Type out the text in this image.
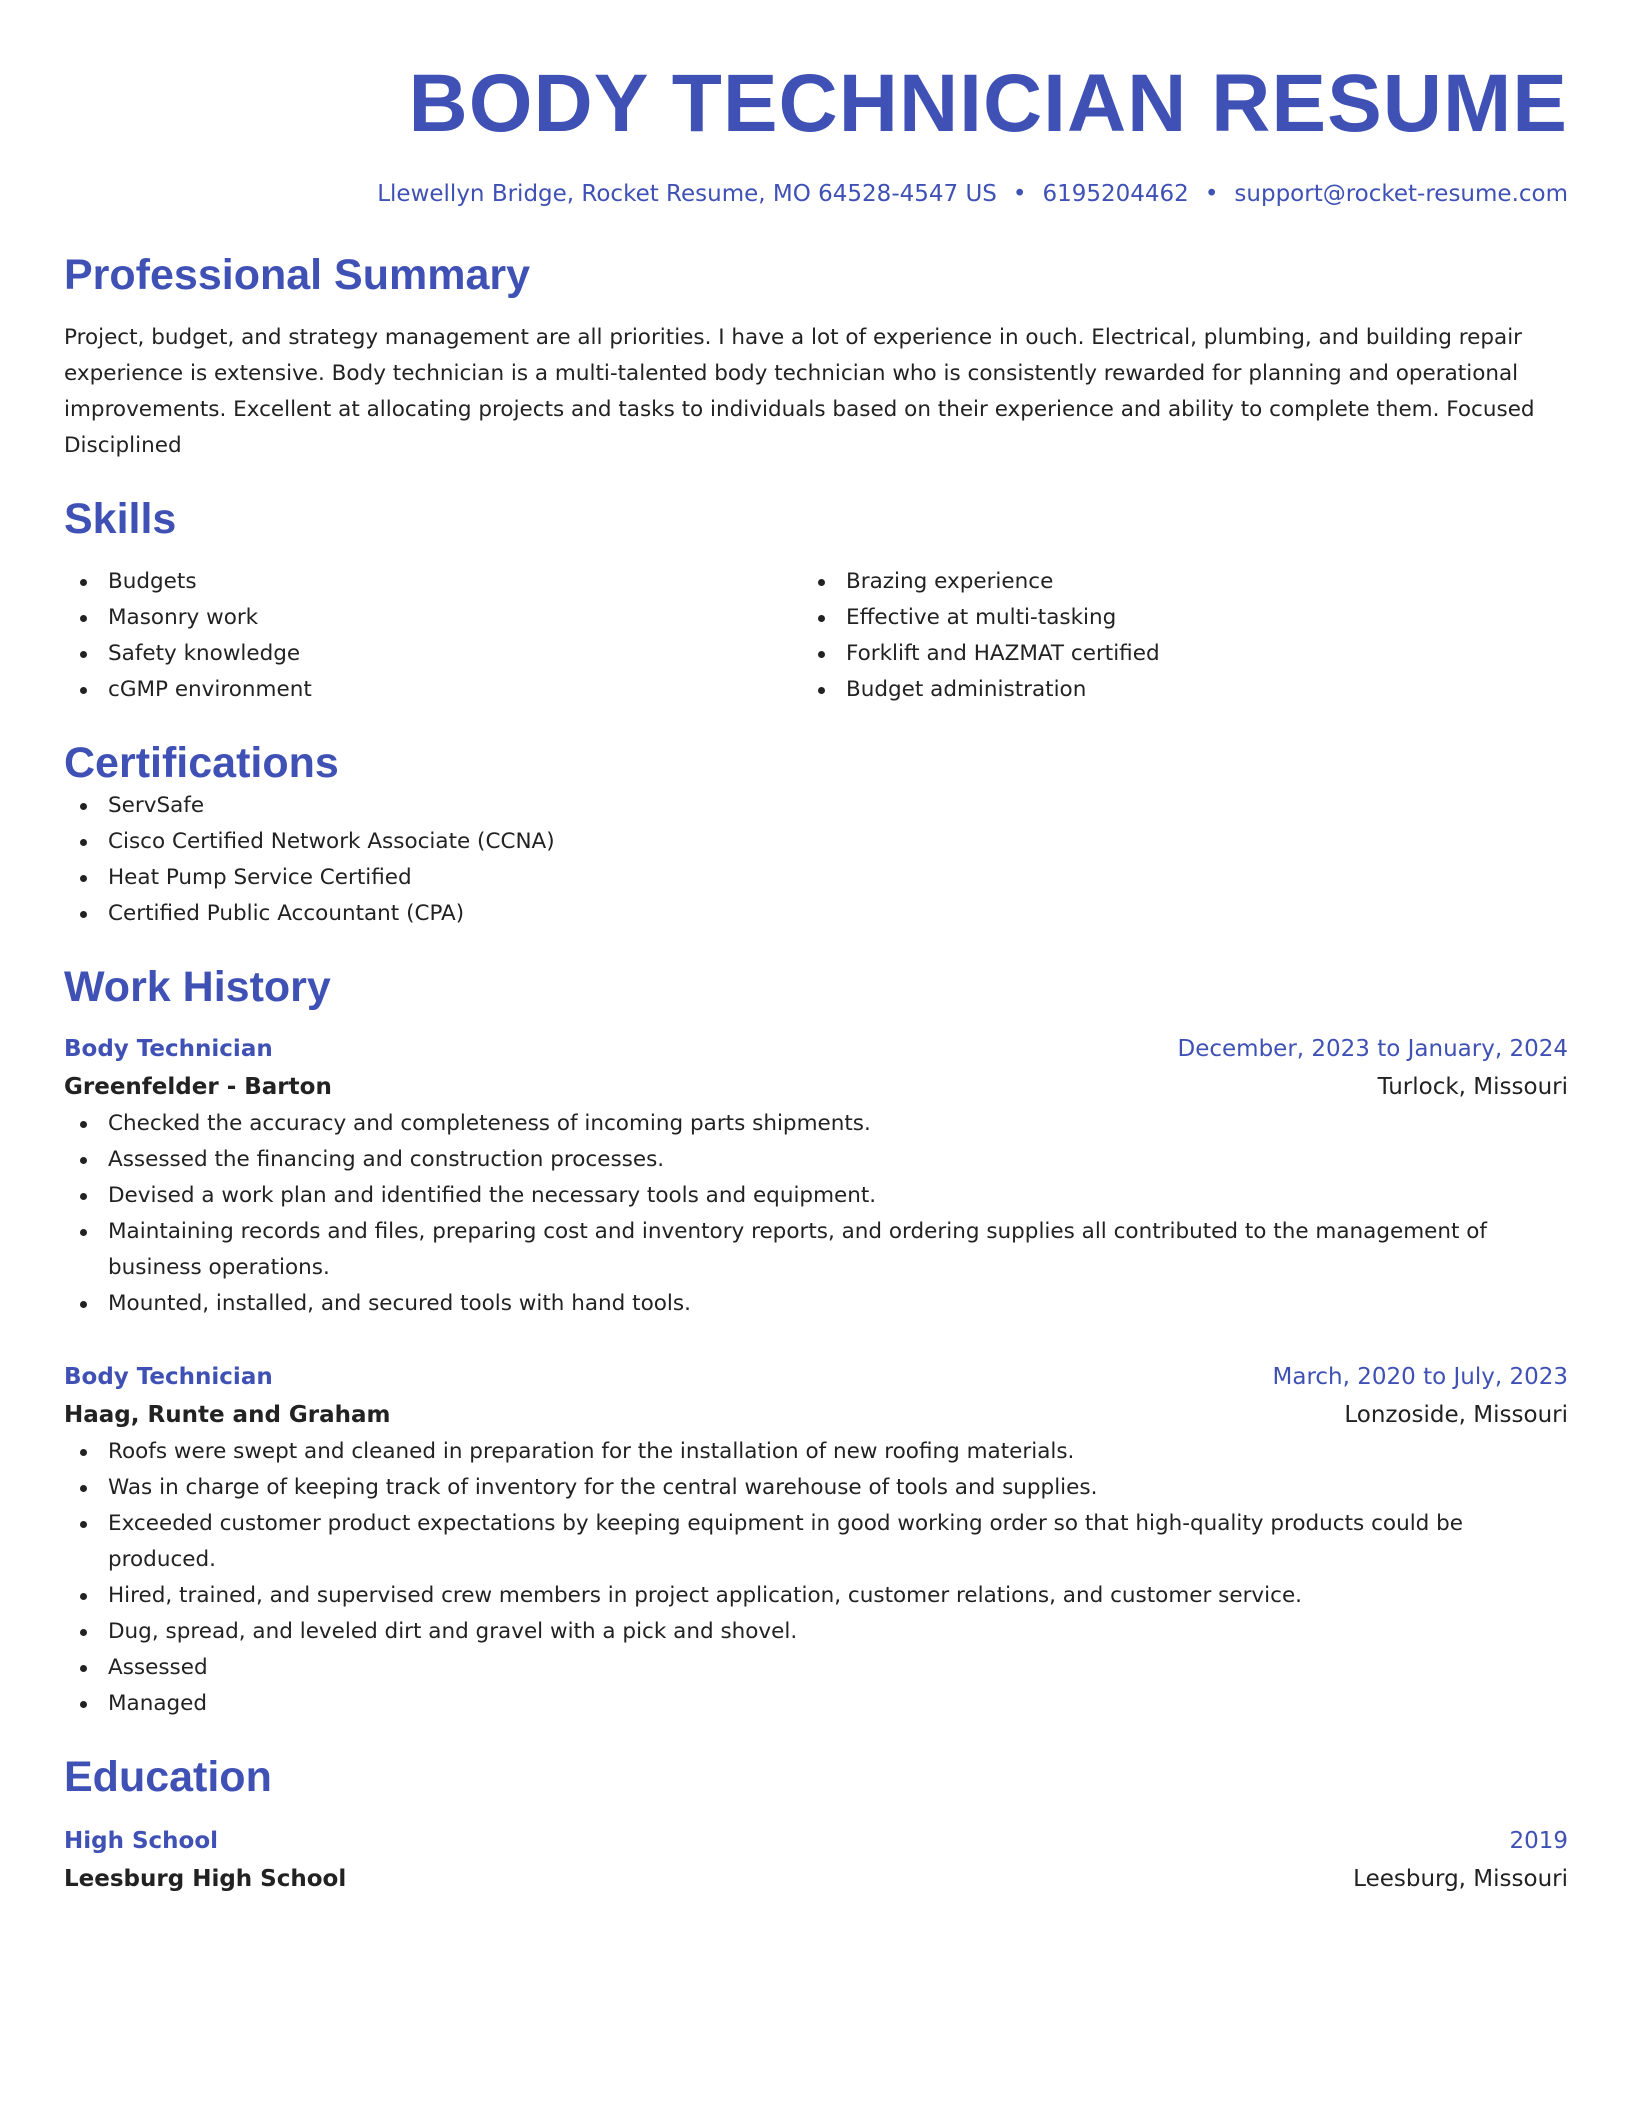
BODY TECHNICIAN RESUME
Llewellyn Bridge, Rocket Resume, MO 64528-4547 US • 6195204462 • support@rocket-resume.com
Professional Summary
Project, budget, and strategy management are all priorities. I have a lot of experience in ouch. Electrical, plumbing, and building repair experience is extensive. Body technician is a multi-talented body technician who is consistently rewarded for planning and operational improvements. Excellent at allocating projects and tasks to individuals based on their experience and ability to complete them. Focused Disciplined
Skills
Budgets
Masonry work
Safety knowledge
cGMP environment
Brazing experience
Effective at multi-tasking
Forklift and HAZMAT certified
Budget administration
Certifications
ServSafe
Cisco Certified Network Associate (CCNA)
Heat Pump Service Certified
Certified Public Accountant (CPA)
Work History
Body Technician	December, 2023 to January, 2024
Greenfelder - Barton	Turlock, Missouri
Checked the accuracy and completeness of incoming parts shipments.
Assessed the financing and construction processes.
Devised a work plan and identified the necessary tools and equipment.
Maintaining records and files, preparing cost and inventory reports, and ordering supplies all contributed to the management of business operations.
Mounted, installed, and secured tools with hand tools.
Body Technician	March, 2020 to July, 2023
Haag, Runte and Graham	Lonzoside, Missouri
Roofs were swept and cleaned in preparation for the installation of new roofing materials.
Was in charge of keeping track of inventory for the central warehouse of tools and supplies.
Exceeded customer product expectations by keeping equipment in good working order so that high-quality products could be produced.
Hired, trained, and supervised crew members in project application, customer relations, and customer service.
Dug, spread, and leveled dirt and gravel with a pick and shovel.
Assessed
Managed
Education
High School	2019
Leesburg High School	Leesburg, Missouri
